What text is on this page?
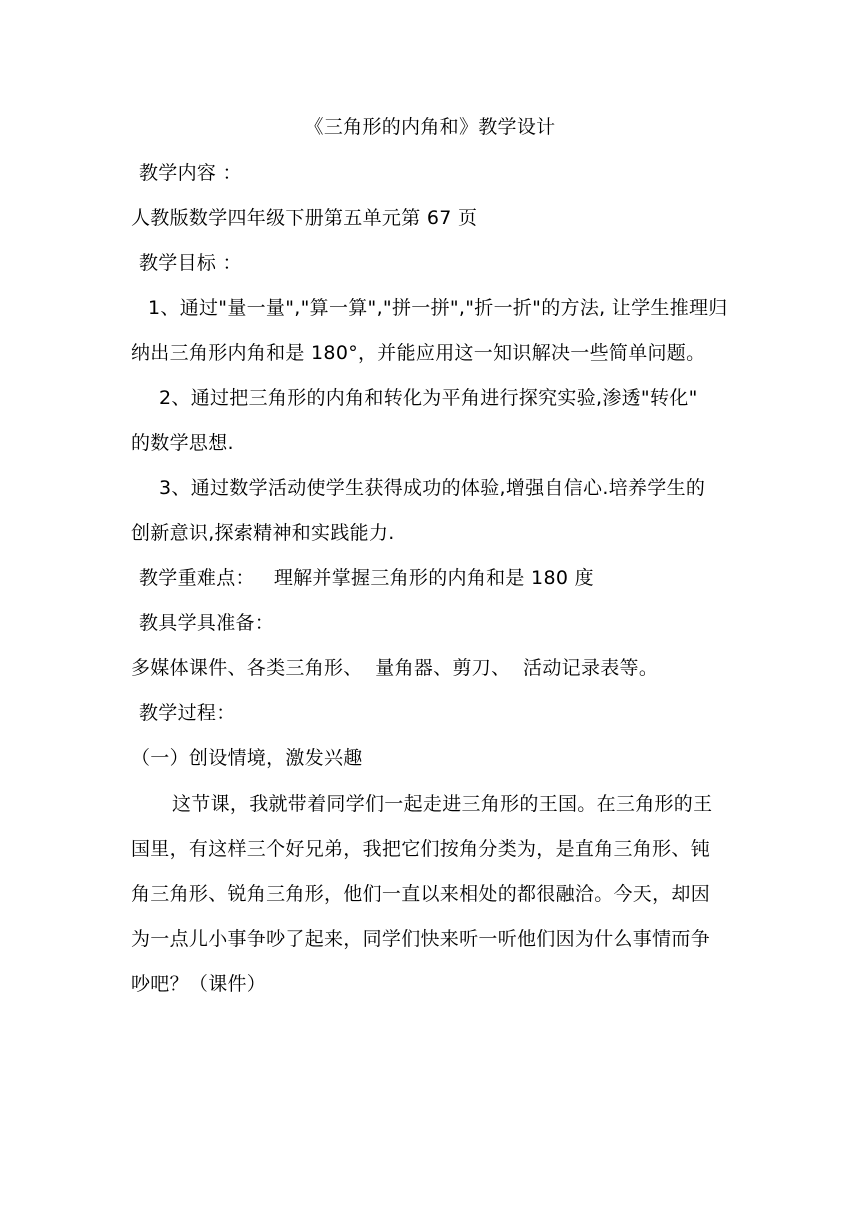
《三角形的内角和》教学设计
教学内容 ：
人教版数学四年级下册第五单元第 67 页
教学目标 ：
1、通过"量一量","算一算","拼一拼","折一折"的方法, 让学生推理归
纳出三角形内角和是 180°，并能应用这一知识解决一些简单问题。
2、通过把三角形的内角和转化为平角进行探究实验,渗透"转化"
的数学思想.
3、通过数学活动使学生获得成功的体验,增强自信心.培养学生的
创新意识,探索精神和实践能力.
教学重难点：   理解并掌握三角形的内角和是 180 度
教具学具准备：
多媒体课件、各类三角形、  量角器、剪刀、  活动记录表等。
教学过程：
（一）创设情境，激发兴趣
这节课，我就带着同学们一起走进三角形的王国。在三角形的王
国里，有这样三个好兄弟，我把它们按角分类为，是直角三角形、钝
角三角形、锐角三角形，他们一直以来相处的都很融洽。今天，却因
为一点儿小事争吵了起来，同学们快来听一听他们因为什么事情而争
吵吧？（课件）
